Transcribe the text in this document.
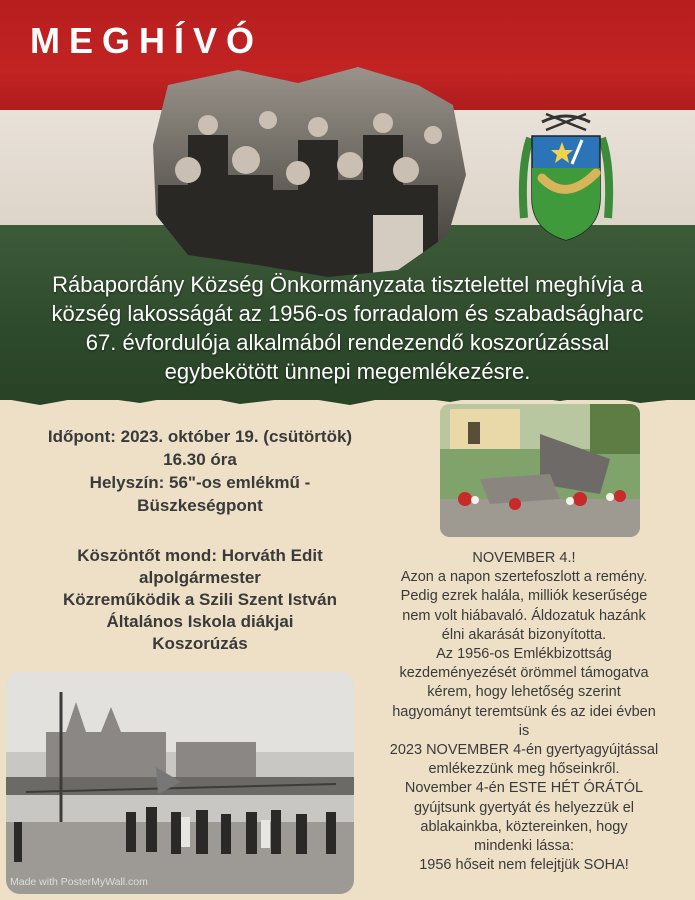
MEGHÍVÓ
Rábapordány Község Önkormányzata tisztelettel meghívja a
község lakosságát az 1956-os forradalom és szabadságharc
67. évfordulója alkalmából rendezendő koszorúzással
egybekötött ünnepi megemlékezésre.
Időpont: 2023. október 19. (csütörtök)
16.30 óra
Helyszín: 56"-os emlékmű -
Büszkeségpont
Köszöntőt mond: Horváth Edit
alpolgármester
Közreműködik a Szili Szent István
Általános Iskola diákjai
Koszorúzás
NOVEMBER 4.!
Azon a napon szertefoszlott a remény.
Pedig ezrek halála, milliók keserűsége
nem volt hiábavaló. Áldozatuk hazánk
élni akarását bizonyította.
Az 1956-os Emlékbizottság
kezdeményezését örömmel támogatva
kérem, hogy lehetőség szerint
hagyományt teremtsünk és az idei évben
is
2023 NOVEMBER 4-én gyertyagyújtással
emlékezzünk meg hőseinkről.
November 4-én ESTE HÉT ÓRÁTÓL
gyújtsunk gyertyát és helyezzük el
ablakainkba, köztereinken, hogy
mindenki lássa:
1956 hőseit nem felejtjük SOHA!
Made with PosterMyWall.com
